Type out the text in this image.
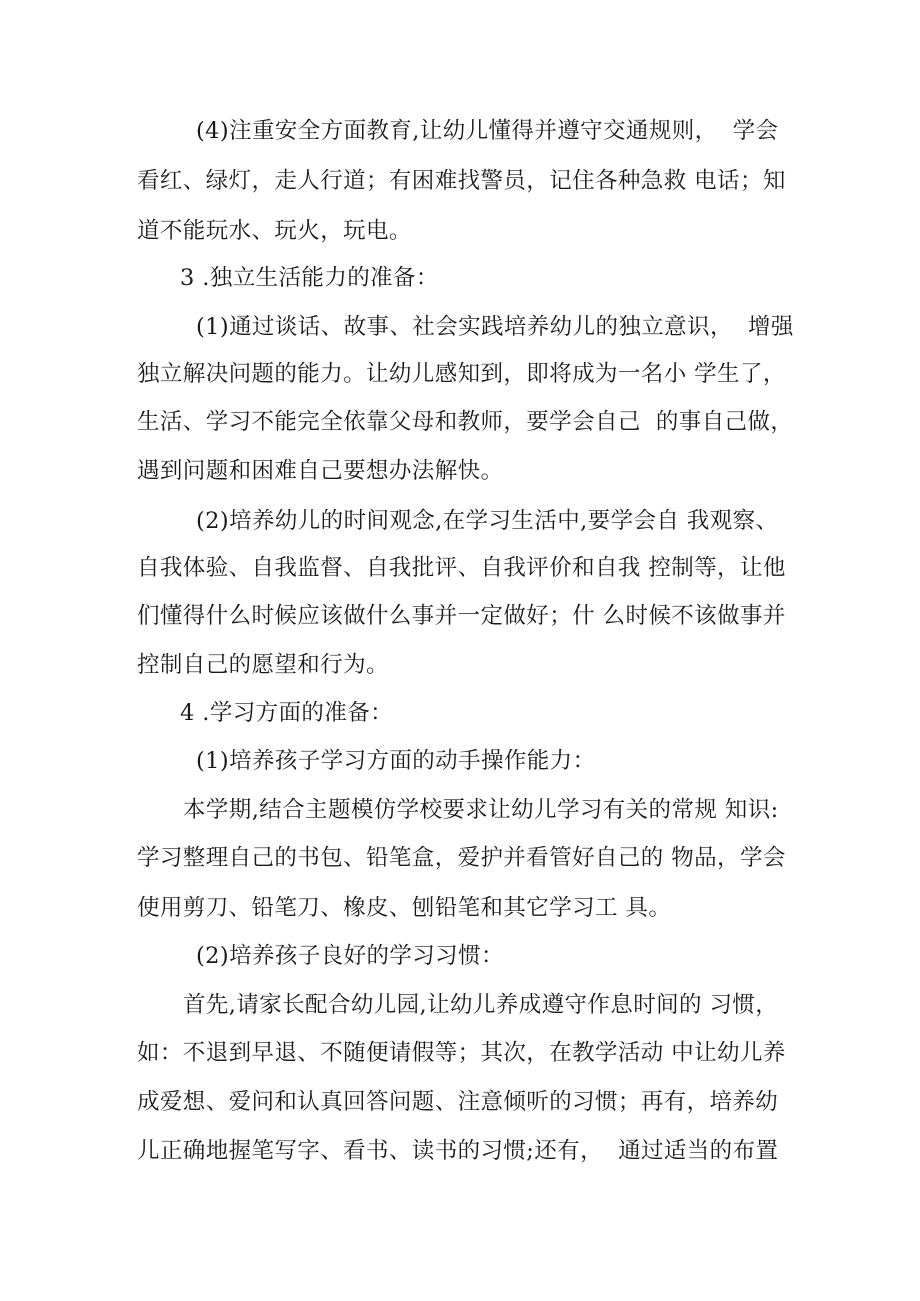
(4)注重安全方面教育,让幼儿懂得并遵守交通规则，  学会
看红、绿灯，走人行道；有困难找警员，记住各种急救 电话；知
道不能玩水、玩火，玩电。
3 .独立生活能力的准备：
(1)通过谈话、故事、社会实践培养幼儿的独立意识，  增强
独立解决问题的能力。让幼儿感知到，即将成为一名小 学生了，
生活、学习不能完全依靠父母和教师，要学会自己  的事自己做，
遇到问题和困难自己要想办法解快。
(2)培养幼儿的时间观念,在学习生活中,要学会自 我观察、
自我体验、自我监督、自我批评、自我评价和自我 控制等，让他
们懂得什么时候应该做什么事并一定做好；什 么时候不该做事并
控制自己的愿望和行为。
4 .学习方面的准备：
(1)培养孩子学习方面的动手操作能力：
本学期,结合主题模仿学校要求让幼儿学习有关的常规 知识:
学习整理自己的书包、铅笔盒，爱护并看管好自己的 物品，学会
使用剪刀、铅笔刀、橡皮、刨铅笔和其它学习工 具。
(2)培养孩子良好的学习习惯：
首先,请家长配合幼儿园,让幼儿养成遵守作息时间的 习惯，
如：不退到早退、不随便请假等；其次，在教学活动 中让幼儿养
成爱想、爱问和认真回答问题、注意倾听的习惯；再有，培养幼
儿正确地握笔写字、看书、读书的习惯;还有，  通过适当的布置
